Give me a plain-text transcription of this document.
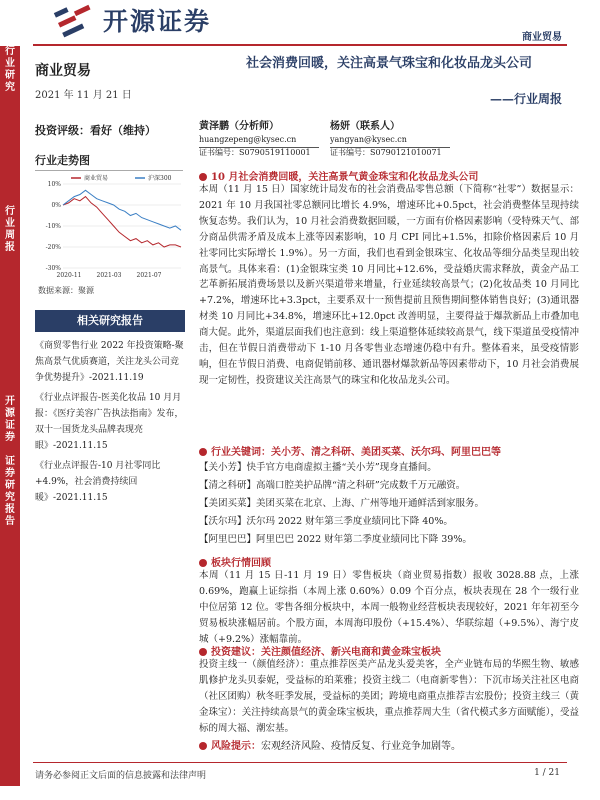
开源证券
商业贸易
行业研究
行业周报
开源证券
证券研究报告
商业贸易
2021 年 11 月 21 日
投资评级：看好（维持）
行业走势图
10%
0%
-10%
-20%
-30%
2020-11	2021-03	2021-07
商业贸易	沪深300
数据来源：聚源
相关研究报告
《商贸零售行业 2022 年投资策略-聚焦高景气优质赛道，关注龙头公司竞争优势提升》-2021.11.19
《行业点评报告-医美化妆品 10 月月报：《医疗美容广告执法指南》发布，双十一国货龙头品牌表现亮眼》-2021.11.15
《行业点评报告-10 月社零同比+4.9%，社会消费持续回暖》-2021.11.15
社会消费回暖，关注高景气珠宝和化妆品龙头公司
——行业周报
黄泽鹏（分析师）
huangzepeng@kysec.cn
证书编号：S0790519110001
杨妍（联系人）
yangyan@kysec.cn
证书编号：S0790121010071
10 月社会消费回暖，关注高景气黄金珠宝和化妆品龙头公司
本周（11 月 15 日）国家统计局发布的社会消费品零售总额（下简称“社零”）数据显示：2021 年 10 月我国社零总额同比增长 4.9%，增速环比+0.5pct，社会消费整体呈现持续恢复态势。我们认为，10 月社会消费数据回暖，一方面有价格因素影响（受特殊天气、部分商品供需矛盾及成本上涨等因素影响，10 月 CPI 同比+1.5%，扣除价格因素后 10 月社零同比实际增长 1.9%）。另一方面，我们也看到金银珠宝、化妆品等细分品类呈现出较高景气。具体来看：(1)金银珠宝类 10 月同比+12.6%，受益婚庆需求释放，黄金产品工艺革新拓展消费场景以及新兴渠道带来增量，行业延续较高景气；(2)化妆品类 10 月同比+7.2%，增速环比+3.3pct，主要系双十一预售提前且预售期间整体销售良好；(3)通讯器材类 10 月同比+34.8%，增速环比+12.0pct 改善明显，主要得益于爆款新品上市叠加电商大促。此外，渠道层面我们也注意到：线上渠道整体延续较高景气，线下渠道虽受疫情冲击，但在节假日消费带动下 1-10 月各零售业态增速仍稳中有升。整体看来，虽受疫情影响，但在节假日消费、电商促销前移、通讯器材爆款新品等因素带动下，10 月社会消费展现一定韧性，投资建议关注高景气的珠宝和化妆品龙头公司。
行业关键词：关小芳、清之科研、美团买菜、沃尔玛、阿里巴巴等
【关小芳】快手官方电商虚拟主播“关小芳”现身直播间。
【清之科研】高端口腔美护品牌“清之科研”完成数千万元融资。
【美团买菜】美团买菜在北京、上海、广州等地开通鲜活到家服务。
【沃尔玛】沃尔玛 2022 财年第三季度业绩同比下降 40%。
【阿里巴巴】阿里巴巴 2022 财年第二季度业绩同比下降 39%。
板块行情回顾
本周（11 月 15 日-11 月 19 日）零售板块（商业贸易指数）报收 3028.88 点，上涨 0.69%，跑赢上证综指（本周上涨 0.60%）0.09 个百分点，板块表现在 28 个一级行业中位居第 12 位。零售各细分板块中，本周一般物业经营板块表现较好，2021 年年初至今贸易板块涨幅居前。个股方面，本周海印股份（+15.4%）、华联综超（+9.5%）、海宁皮城（+9.2%）涨幅靠前。
投资建议：关注颜值经济、新兴电商和黄金珠宝板块
投资主线一（颜值经济）：重点推荐医美产品龙头爱美客，全产业链布局的华熙生物、敏感肌修护龙头贝泰妮，受益标的珀莱雅；投资主线二（电商新零售）：下沉市场关注社区电商（社区团购）秋冬旺季发展，受益标的美团；跨境电商重点推荐吉宏股份；投资主线三（黄金珠宝）：关注持续高景气的黄金珠宝板块，重点推荐周大生（省代模式多方面赋能），受益标的周大福、潮宏基。
风险提示：宏观经济风险、疫情反复、行业竞争加剧等。
请务必参阅正文后面的信息披露和法律声明	1 / 21
